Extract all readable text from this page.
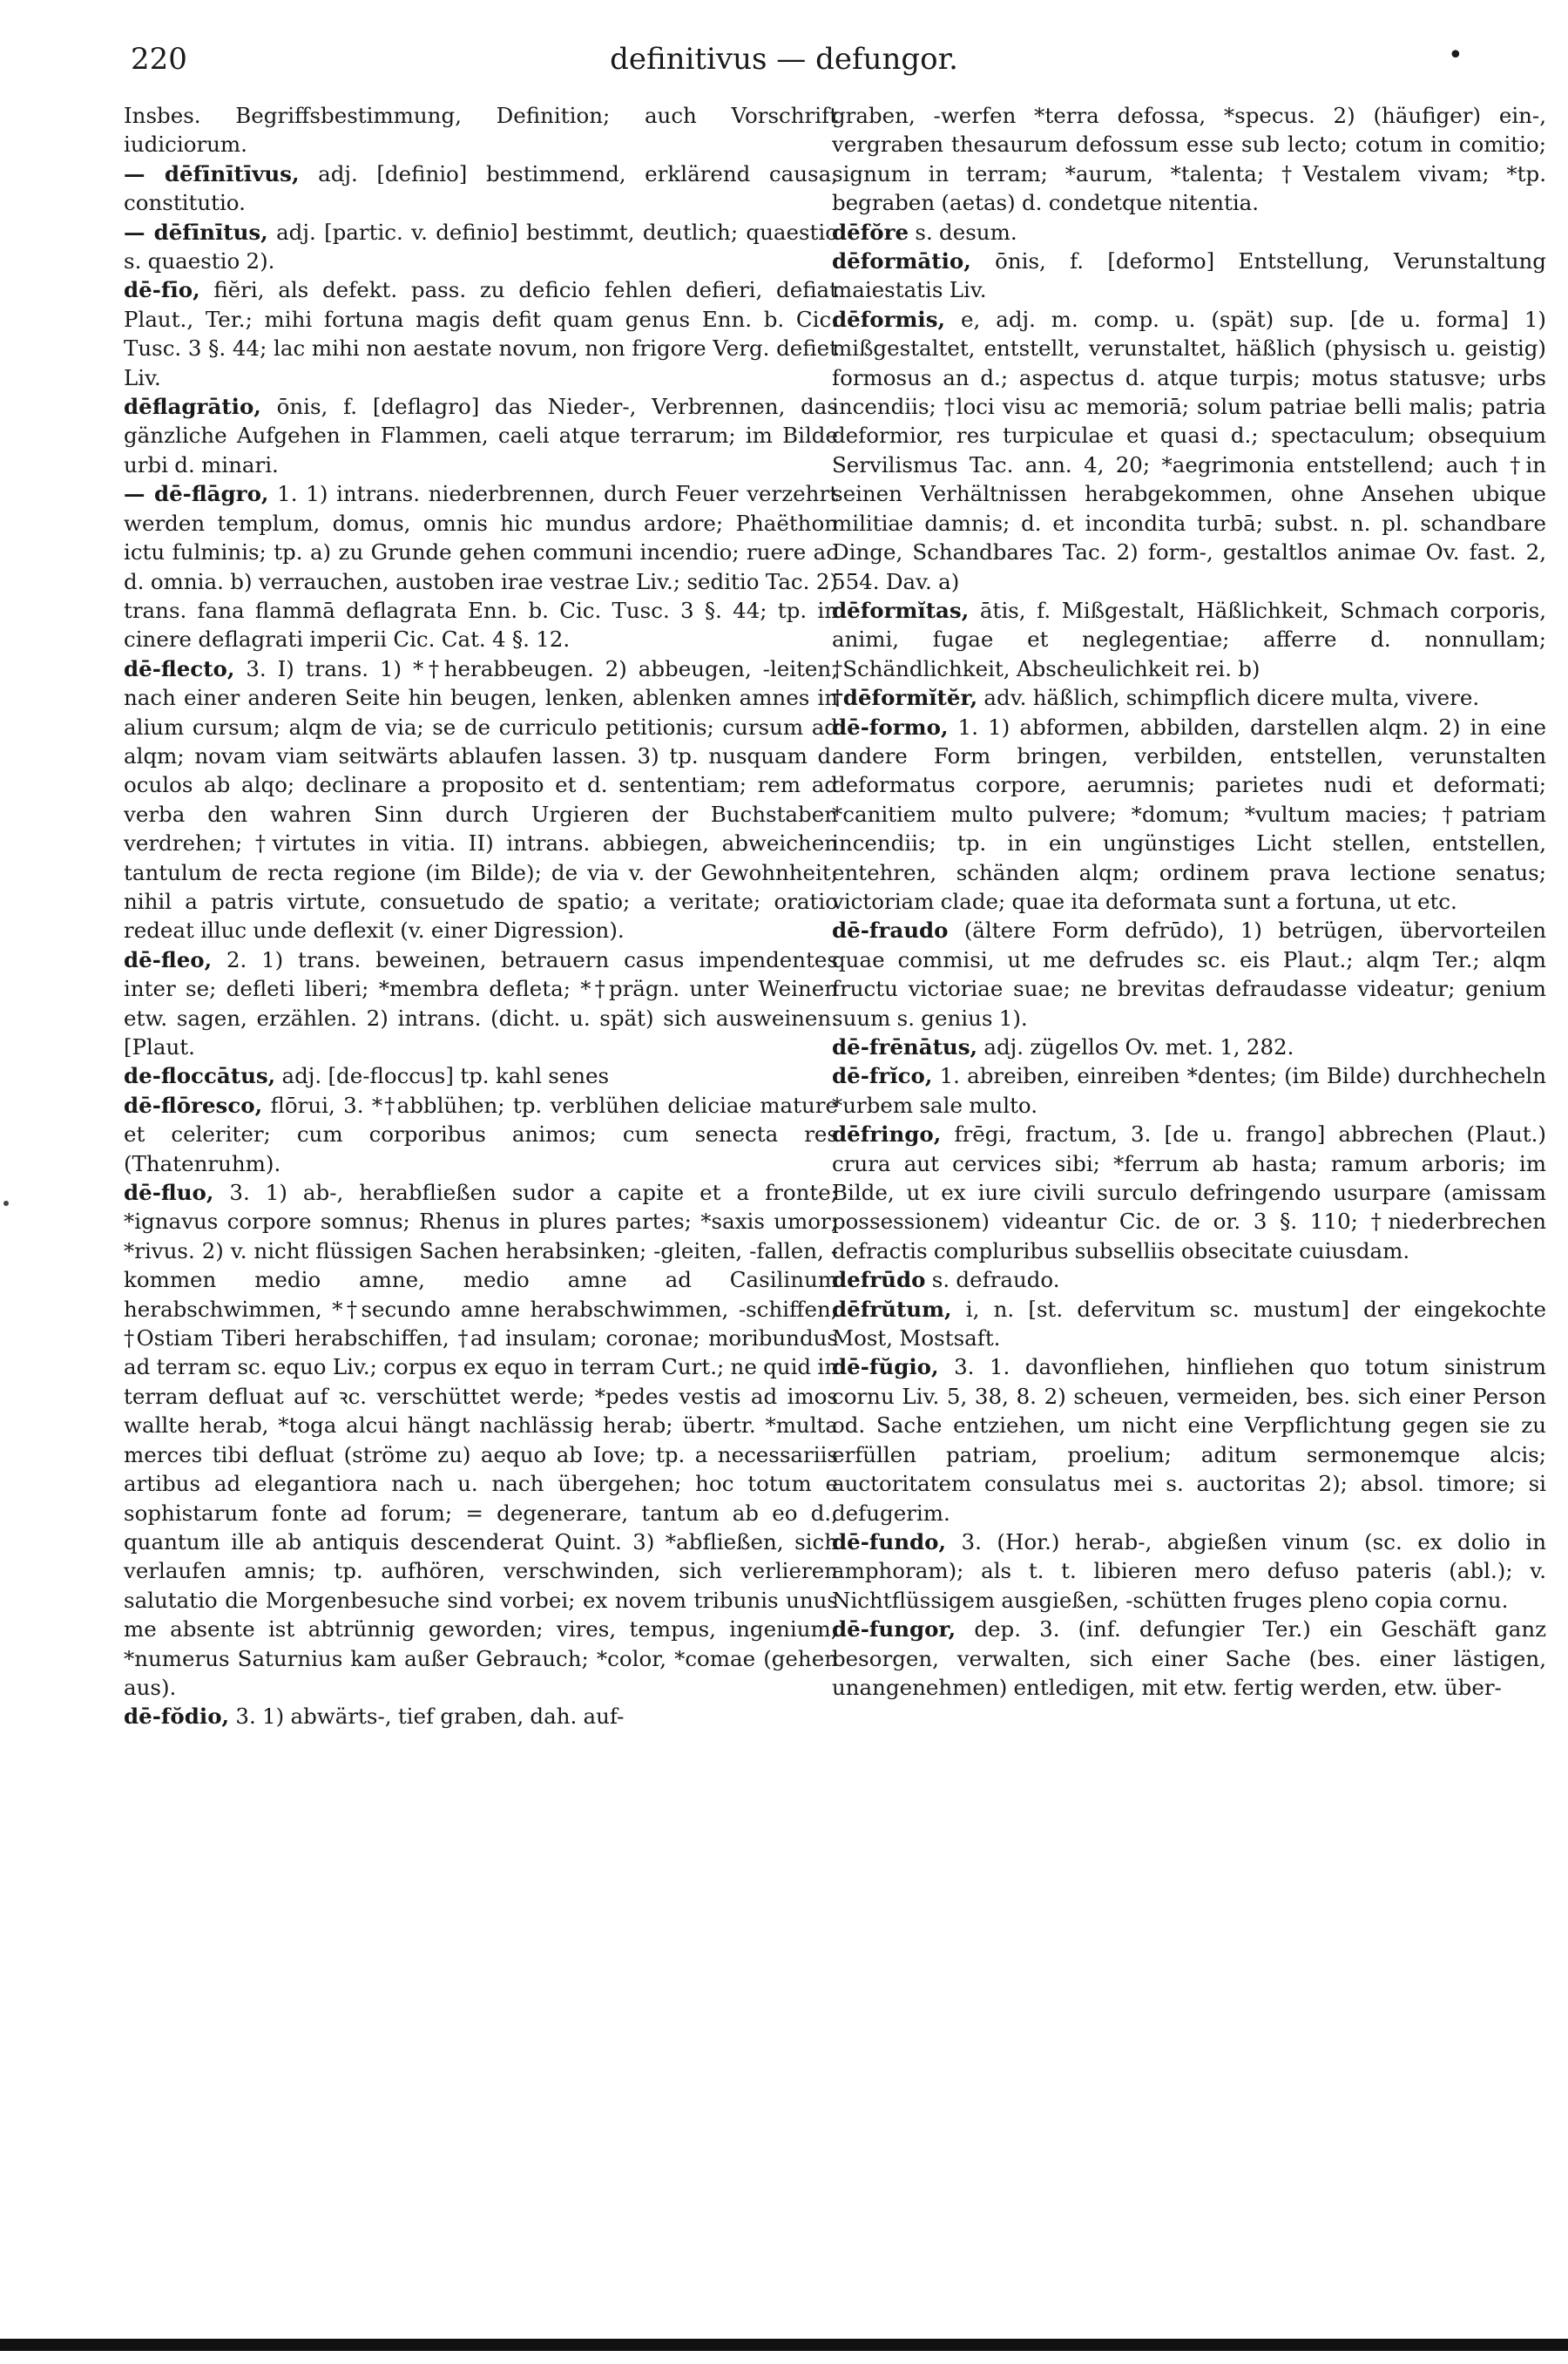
220	definitivus — defungor.	•
Insbes. Begriffsbestimmung, Definition; auch Vorschrift iudiciorum.
— dēfīnītīvus, adj. [definio] bestimmend, erklärend causa, constitutio.
— dēfīnītus, adj. [partic. v. definio] bestimmt, deutlich; quaestio s. quaestio 2).
dē-fīo, fiĕri, als defekt. pass. zu deficio fehlen defieri, defiat Plaut., Ter.; mihi fortuna magis defit quam genus Enn. b. Cic. Tusc. 3 §. 44; lac mihi non aestate novum, non frigore Verg. defiet Liv.
dēflagrātio, ōnis, f. [deflagro] das Nieder-, Verbrennen, das gänzliche Aufgehen in Flammen, caeli atque terrarum; im Bilde urbi d. minari.
— dē-flāgro, 1. 1) intrans. niederbrennen, durch Feuer verzehrt werden templum, domus, omnis hic mundus ardore; Phaëthon ictu fulminis; tp. a) zu Grunde gehen communi incendio; ruere ac d. omnia. b) verrauchen, austoben irae vestrae Liv.; seditio Tac. 2) trans. fana flammā deflagrata Enn. b. Cic. Tusc. 3 §. 44; tp. in cinere deflagrati imperii Cic. Cat. 4 §. 12.
dē-flecto, 3. I) trans. 1) *†herabbeugen. 2) abbeugen, -leiten, nach einer anderen Seite hin beugen, lenken, ablenken amnes in alium cursum; alqm de via; se de curriculo petitionis; cursum ad alqm; novam viam seitwärts ablaufen lassen. 3) tp. nusquam d. oculos ab alqo; declinare a proposito et d. sententiam; rem ad verba den wahren Sinn durch Urgieren der Buchstaben verdrehen; †virtutes in vitia. II) intrans. abbiegen, abweichen tantulum de recta regione (im Bilde); de via v. der Gewohnheit; nihil a patris virtute, consuetudo de spatio; a veritate; oratio redeat illuc unde deflexit (v. einer Digression).
dē-fleo, 2. 1) trans. beweinen, betrauern casus impendentes inter se; defleti liberi; *membra defleta; *†prägn. unter Weinen etw. sagen, erzählen. 2) intrans. (dicht. u. spät) sich ausweinen. [Plaut.
de-floccātus, adj. [de-floccus] tp. kahl senes
dē-flōresco, flōrui, 3. *†abblühen; tp. verblühen deliciae mature et celeriter; cum corporibus animos; cum senecta res (Thatenruhm).
dē-fluo, 3. 1) ab-, herabfließen sudor a capite et a fronte; *ignavus corpore somnus; Rhenus in plures partes; *saxis umor; *rivus. 2) v. nicht flüssigen Sachen herabsinken; -gleiten, -fallen, -kommen medio amne, medio amne ad Casilinum herabschwimmen, *†secundo amne herabschwimmen, -schiffen; †Ostiam Tiberi herabschiffen, †ad insulam; coronae; moribundus ad terram sc. equo Liv.; corpus ex equo in terram Curt.; ne quid in terram defluat auf ꝛc. verschüttet werde; *pedes vestis ad imos wallte herab, *toga alcui hängt nachlässig herab; übertr. *multa merces tibi defluat (ströme zu) aequo ab Iove; tp. a necessariis artibus ad elegantiora nach u. nach übergehen; hoc totum e sophistarum fonte ad forum; = degenerare, tantum ab eo d., quantum ille ab antiquis descenderat Quint. 3) *abfließen, sich verlaufen amnis; tp. aufhören, verschwinden, sich verlieren salutatio die Morgenbesuche sind vorbei; ex novem tribunis unus me absente ist abtrünnig geworden; vires, tempus, ingenium; *numerus Saturnius kam außer Gebrauch; *color, *comae (gehen aus).
dē-fŏdio, 3. 1) abwärts-, tief graben, dah. auf-
graben, -werfen *terra defossa, *specus. 2) (häufiger) ein-, vergraben thesaurum defossum esse sub lecto; cotum in comitio; signum in terram; *aurum, *talenta; †Vestalem vivam; *tp. begraben (aetas) d. condetque nitentia.
dēfŏre s. desum.
dēformātio, ōnis, f. [deformo] Entstellung, Verunstaltung maiestatis Liv.
dēformis, e, adj. m. comp. u. (spät) sup. [de u. forma] 1) mißgestaltet, entstellt, verunstaltet, häßlich (physisch u. geistig) formosus an d.; aspectus d. atque turpis; motus statusve; urbs incendiis; †loci visu ac memoriā; solum patriae belli malis; patria deformior, res turpiculae et quasi d.; spectaculum; obsequium Servilismus Tac. ann. 4, 20; *aegrimonia entstellend; auch †in seinen Verhältnissen herabgekommen, ohne Ansehen ubique militiae damnis; d. et incondita turbā; subst. n. pl. schandbare Dinge, Schandbares Tac. 2) form-, gestaltlos animae Ov. fast. 2, 554. Dav. a)
dēformĭtas, ātis, f. Mißgestalt, Häßlichkeit, Schmach corporis, animi, fugae et neglegentiae; afferre d. nonnullam; †Schändlichkeit, Abscheulichkeit rei. b)
†dēformĭtĕr, adv. häßlich, schimpflich dicere multa, vivere.
dē-formo, 1. 1) abformen, abbilden, darstellen alqm. 2) in eine andere Form bringen, verbilden, entstellen, verunstalten deformatus corpore, aerumnis; parietes nudi et deformati; *canitiem multo pulvere; *domum; *vultum macies; †patriam incendiis; tp. in ein ungünstiges Licht stellen, entstellen, entehren, schänden alqm; ordinem prava lectione senatus; victoriam clade; quae ita deformata sunt a fortuna, ut etc.
dē-fraudo (ältere Form defrūdo), 1) betrügen, übervorteilen quae commisi, ut me defrudes sc. eis Plaut.; alqm Ter.; alqm fructu victoriae suae; ne brevitas defraudasse videatur; genium suum s. genius 1).
dē-frēnātus, adj. zügellos Ov. met. 1, 282.
dē-frĭco, 1. abreiben, einreiben *dentes; (im Bilde) durchhecheln *urbem sale multo.
dēfringo, frēgi, fractum, 3. [de u. frango] abbrechen (Plaut.) crura aut cervices sibi; *ferrum ab hasta; ramum arboris; im Bilde, ut ex iure civili surculo defringendo usurpare (amissam possessionem) videantur Cic. de or. 3 §. 110; †niederbrechen defractis compluribus subselliis obsecitate cuiusdam.
defrūdo s. defraudo.
dēfrŭtum, i, n. [st. defervitum sc. mustum] der eingekochte Most, Mostsaft.
dē-fŭgio, 3. 1. davonfliehen, hinfliehen quo totum sinistrum cornu Liv. 5, 38, 8. 2) scheuen, vermeiden, bes. sich einer Person od. Sache entziehen, um nicht eine Verpflichtung gegen sie zu erfüllen patriam, proelium; aditum sermonemque alcis; auctoritatem consulatus mei s. auctoritas 2); absol. timore; si defugerim.
dē-fundo, 3. (Hor.) herab-, abgießen vinum (sc. ex dolio in amphoram); als t. t. libieren mero defuso pateris (abl.); v. Nichtflüssigem ausgießen, -schütten fruges pleno copia cornu.
dē-fungor, dep. 3. (inf. defungier Ter.) ein Geschäft ganz besorgen, verwalten, sich einer Sache (bes. einer lästigen, unangenehmen) entledigen, mit etw. fertig werden, etw. über-
